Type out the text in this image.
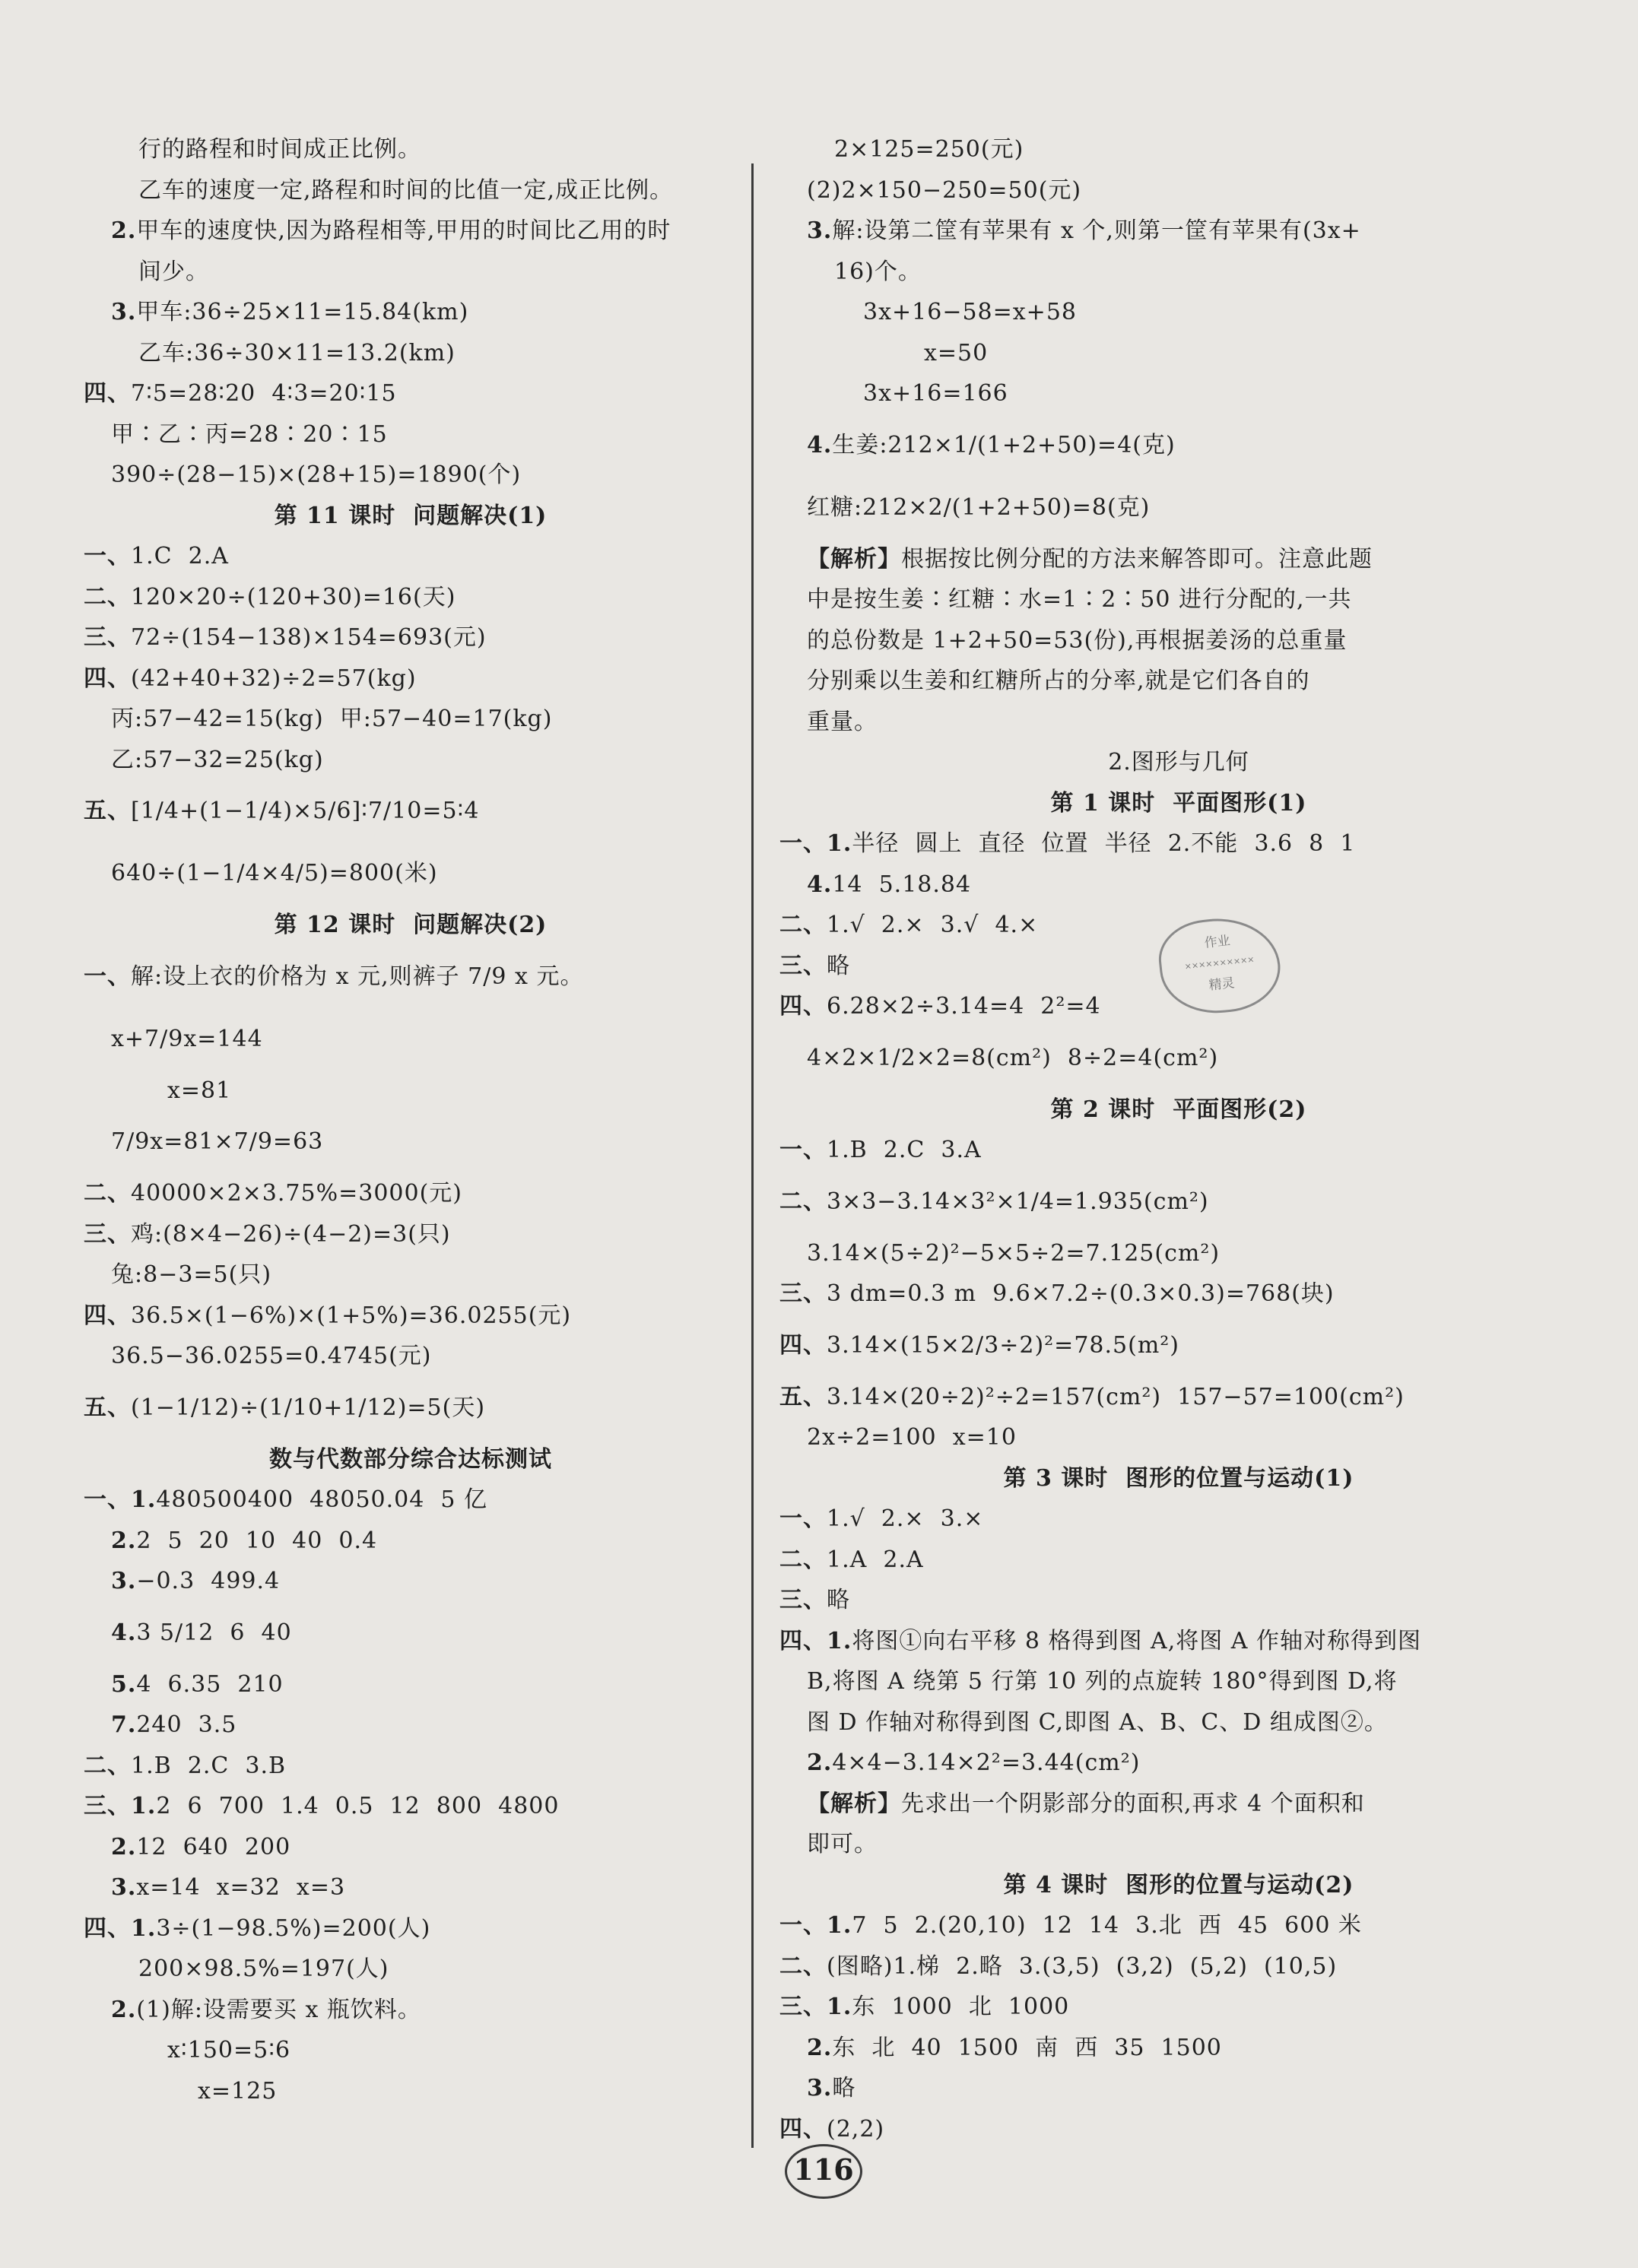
行的路程和时间成正比例。
乙车的速度一定,路程和时间的比值一定,成正比例。
2.甲车的速度快,因为路程相等,甲用的时间比乙用的时
间少。
3.甲车:36÷25×11=15.84(km)
乙车:36÷30×11=13.2(km)
四、7∶5=28∶20  4∶3=20∶15
甲∶乙∶丙=28∶20∶15
390÷(28−15)×(28+15)=1890(个)
第 11 课时  问题解决(1)
一、1.C  2.A
二、120×20÷(120+30)=16(天)
三、72÷(154−138)×154=693(元)
四、(42+40+32)÷2=57(kg)
丙:57−42=15(kg)  甲:57−40=17(kg)
乙:57−32=25(kg)
五、[1/4+(1−1/4)×5/6]∶7/10=5∶4
640÷(1−1/4×4/5)=800(米)
第 12 课时  问题解决(2)
一、解:设上衣的价格为 x 元,则裤子 7/9 x 元。
x+7/9x=144
x=81
7/9x=81×7/9=63
二、40000×2×3.75%=3000(元)
三、鸡:(8×4−26)÷(4−2)=3(只)
兔:8−3=5(只)
四、36.5×(1−6%)×(1+5%)=36.0255(元)
36.5−36.0255=0.4745(元)
五、(1−1/12)÷(1/10+1/12)=5(天)
数与代数部分综合达标测试
一、1.480500400  48050.04  5 亿
2.2  5  20  10  40  0.4
3.−0.3  499.4
4.3 5/12  6  40
5.4  6.35  210
7.240  3.5
二、1.B  2.C  3.B
三、1.2  6  700  1.4  0.5  12  800  4800
2.12  640  200
3.x=14  x=32  x=3
四、1.3÷(1−98.5%)=200(人)
200×98.5%=197(人)
2.(1)解:设需要买 x 瓶饮料。
x∶150=5∶6
x=125
2×125=250(元)
(2)2×150−250=50(元)
3.解:设第二筐有苹果有 x 个,则第一筐有苹果有(3x+
16)个。
3x+16−58=x+58
x=50
3x+16=166
4.生姜:212×1/(1+2+50)=4(克)
红糖:212×2/(1+2+50)=8(克)
【解析】根据按比例分配的方法来解答即可。注意此题
中是按生姜∶红糖∶水=1∶2∶50 进行分配的,一共
的总份数是 1+2+50=53(份),再根据姜汤的总重量
分别乘以生姜和红糖所占的分率,就是它们各自的
重量。
2.图形与几何
第 1 课时  平面图形(1)
一、1.半径  圆上  直径  位置  半径  2.不能  3.6  8  1
4.14  5.18.84
二、1.√  2.×  3.√  4.×
三、略
四、6.28×2÷3.14=4  2²=4
4×2×1/2×2=8(cm²)  8÷2=4(cm²)
第 2 课时  平面图形(2)
一、1.B  2.C  3.A
二、3×3−3.14×3²×1/4=1.935(cm²)
3.14×(5÷2)²−5×5÷2=7.125(cm²)
三、3 dm=0.3 m  9.6×7.2÷(0.3×0.3)=768(块)
四、3.14×(15×2/3÷2)²=78.5(m²)
五、3.14×(20÷2)²÷2=157(cm²)  157−57=100(cm²)
2x÷2=100  x=10
第 3 课时  图形的位置与运动(1)
一、1.√  2.×  3.×
二、1.A  2.A
三、略
四、1.将图①向右平移 8 格得到图 A,将图 A 作轴对称得到图
B,将图 A 绕第 5 行第 10 列的点旋转 180°得到图 D,将
图 D 作轴对称得到图 C,即图 A、B、C、D 组成图②。
2.4×4−3.14×2²=3.44(cm²)
【解析】先求出一个阴影部分的面积,再求 4 个面积和
即可。
第 4 课时  图形的位置与运动(2)
一、1.7  5  2.(20,10)  12  14  3.北  西  45  600 米
二、(图略)1.梯  2.略  3.(3,5)  (3,2)  (5,2)  (10,5)
三、1.东  1000  北  1000
2.东  北  40  1500  南  西  35  1500
3.略
四、(2,2)
作业
××××××××××
精灵
116
